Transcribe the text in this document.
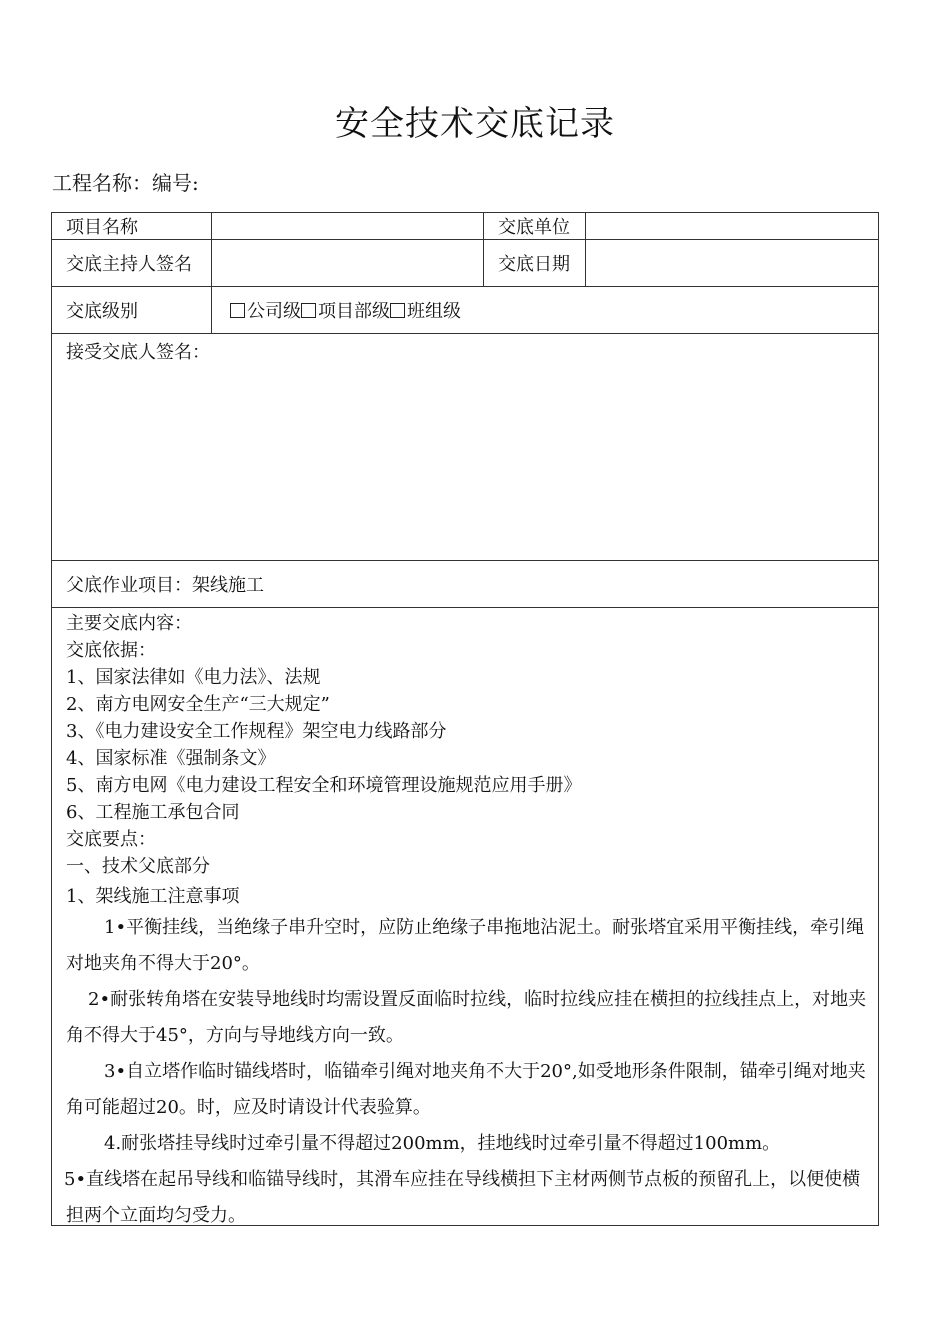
安全技术交底记录
工程名称：编号:
项目名称	交底单位
交底主持人签名	交底日期
交底级别	公司级 项目部级 班组级
接受交底人签名：
父底作业项目：架线施工

主要交底内容：

交底依据：

1、国家法律如《电力法》、法规

2、南方电网安全生产“三大规定”

3、《电力建设安全工作规程》架空电力线路部分

4、国家标准《强制条文》

5、南方电网《电力建设工程安全和环境管理设施规范应用手册》

6、工程施工承包合同

交底要点：

一、技术父底部分

1、架线施工注意事项

1•平衡挂线，当绝缘子串升空时，应防止绝缘子串拖地沾泥土。耐张塔宜采用平衡挂线，牵引绳对地夹角不得大于20°。

2•耐张转角塔在安装导地线时均需设置反面临时拉线，临时拉线应挂在横担的拉线挂点上，对地夹角不得大于45°，方向与导地线方向一致。

3•自立塔作临时锚线塔时，临锚牵引绳对地夹角不大于20°,如受地形条件限制，锚牵引绳对地夹角可能超过20。时，应及时请设计代表验算。

4.耐张塔挂导线时过牵引量不得超过200mm，挂地线时过牵引量不得超过100mm。

5•直线塔在起吊导线和临锚导线时，其滑车应挂在导线横担下主材两侧节点板的预留孔上，以便使横担两个立面均匀受力。
